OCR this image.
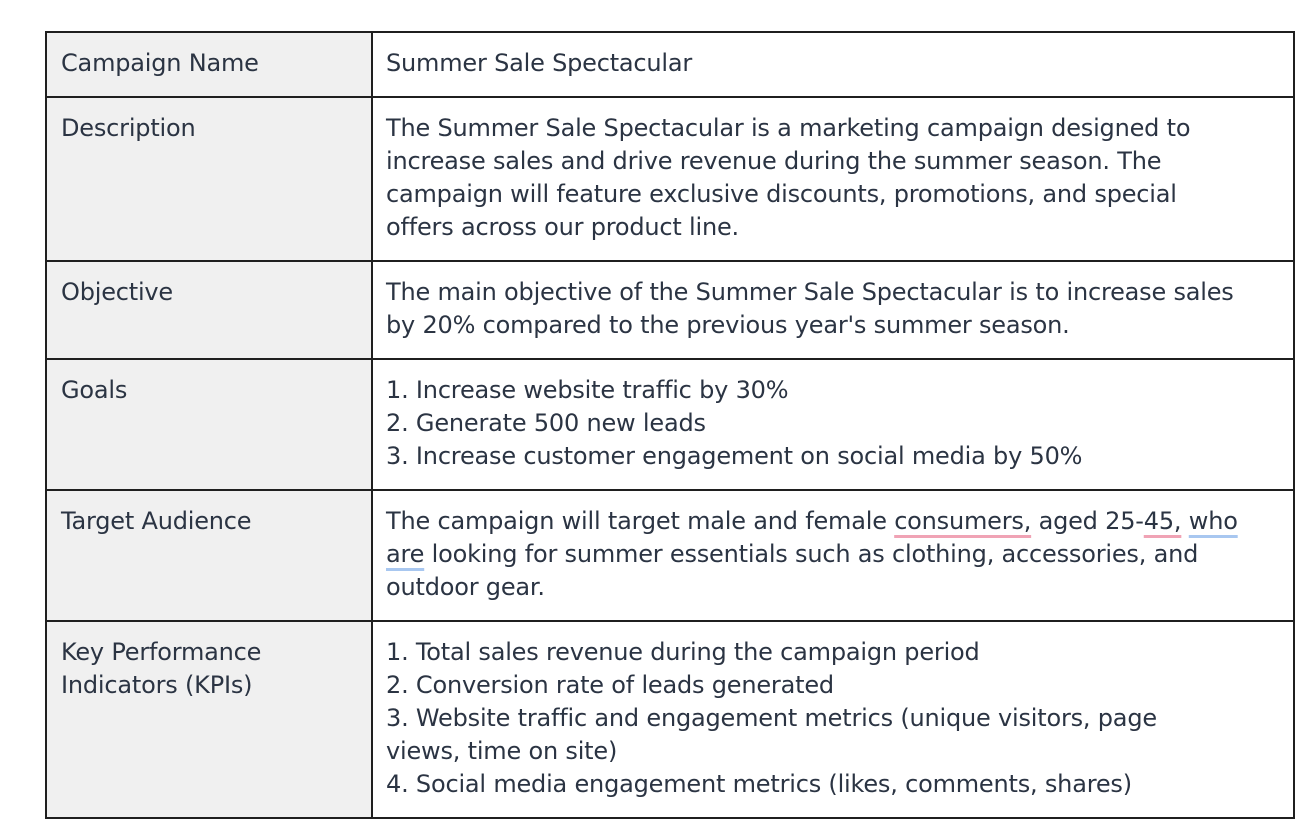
Campaign Name	Summer Sale Spectacular

Description	The Summer Sale Spectacular is a marketing campaign designed to
increase sales and drive revenue during the summer season. The
campaign will feature exclusive discounts, promotions, and special
offers across our product line.

Objective	The main objective of the Summer Sale Spectacular is to increase sales
by 20% compared to the previous year's summer season.

Goals	1. Increase website traffic by 30%
2. Generate 500 new leads
3. Increase customer engagement on social media by 50%

Target Audience	The campaign will target male and female consumers, aged 25-45, who
are looking for summer essentials such as clothing, accessories, and
outdoor gear.

Key Performance
Indicators (KPIs)	1. Total sales revenue during the campaign period
2. Conversion rate of leads generated
3. Website traffic and engagement metrics (unique visitors, page
views, time on site)
4. Social media engagement metrics (likes, comments, shares)
